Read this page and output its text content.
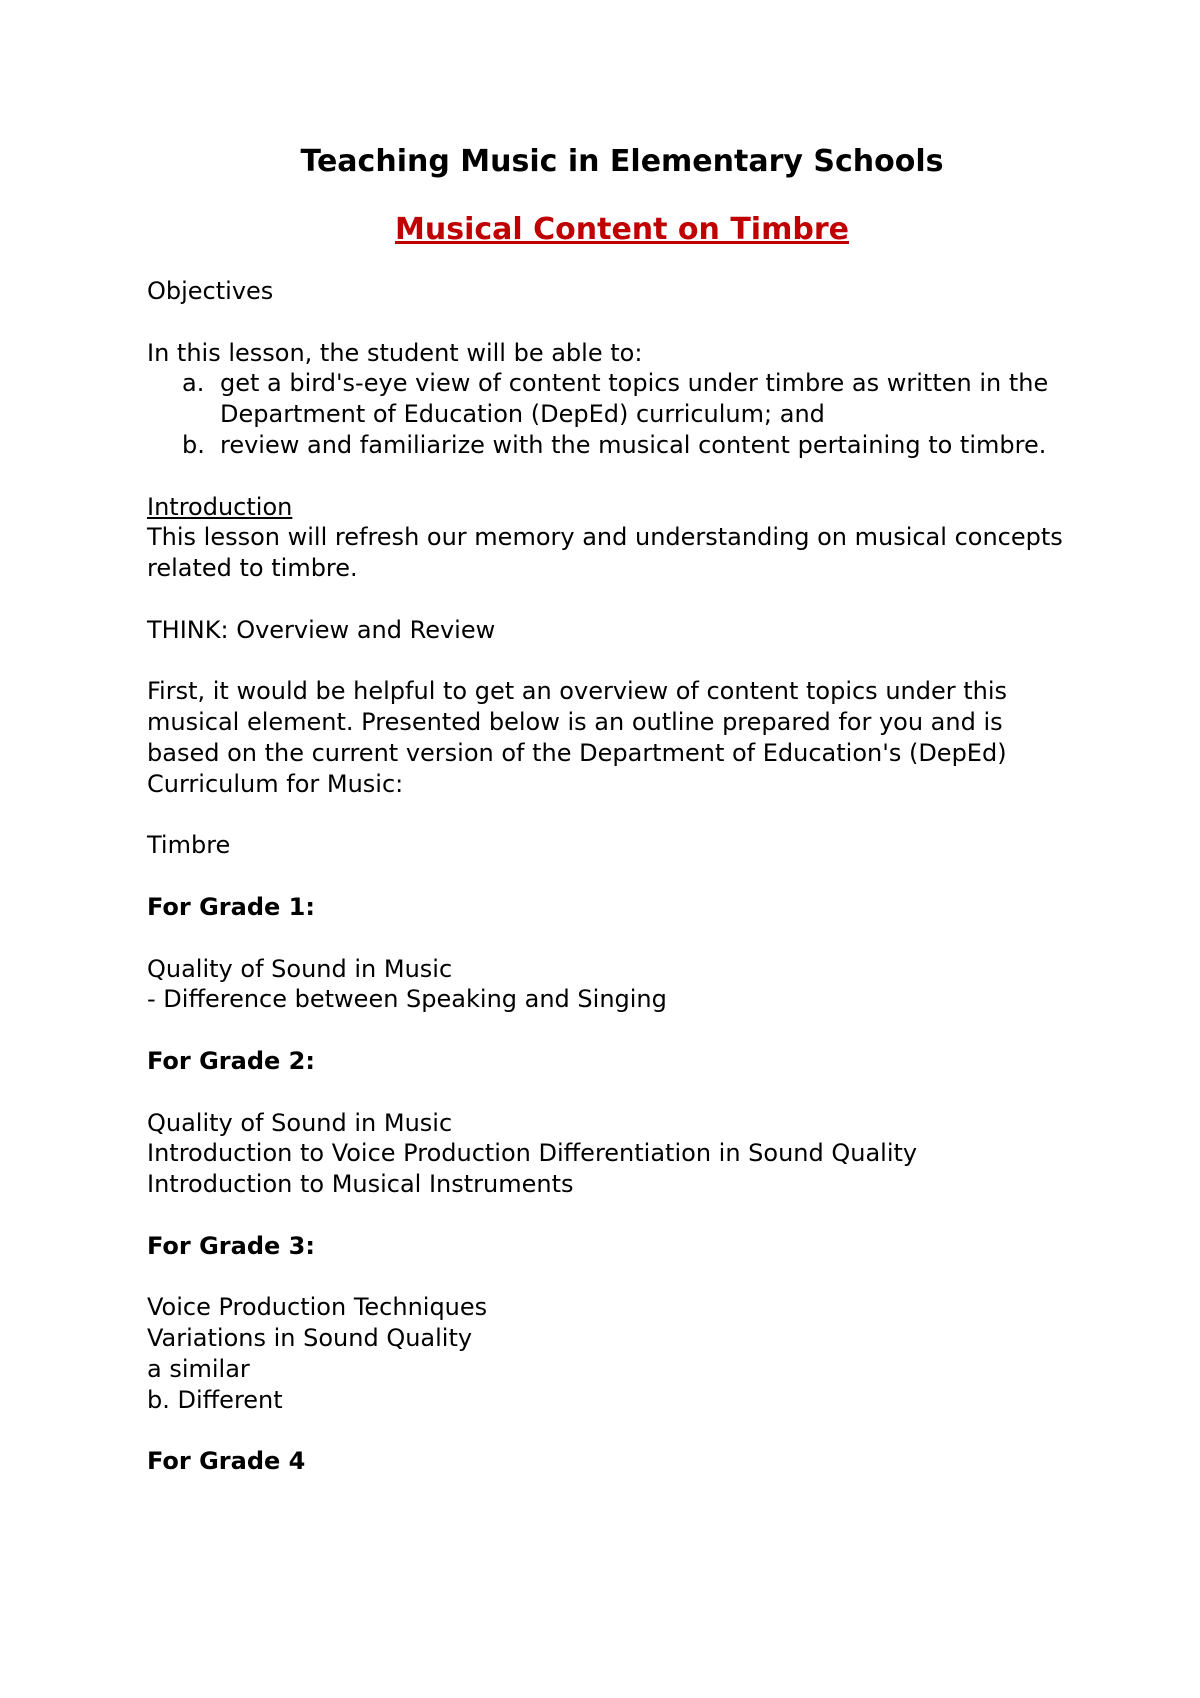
Teaching Music in Elementary Schools
Musical Content on Timbre

Objectives

In this lesson, the student will be able to:

a. get a bird's-eye view of content topics under timbre as written in the Department of Education (DepEd) curriculum; and
b. review and familiarize with the musical content pertaining to timbre.

Introduction

This lesson will refresh our memory and understanding on musical concepts related to timbre.

THINK: Overview and Review

First, it would be helpful to get an overview of content topics under this musical element. Presented below is an outline prepared for you and is based on the current version of the Department of Education's (DepEd) Curriculum for Music:

Timbre

For Grade 1:

Quality of Sound in Music

- Difference between Speaking and Singing

For Grade 2:

Quality of Sound in Music

Introduction to Voice Production Differentiation in Sound Quality

Introduction to Musical Instruments

For Grade 3:

Voice Production Techniques

Variations in Sound Quality

a similar

b. Different

For Grade 4
